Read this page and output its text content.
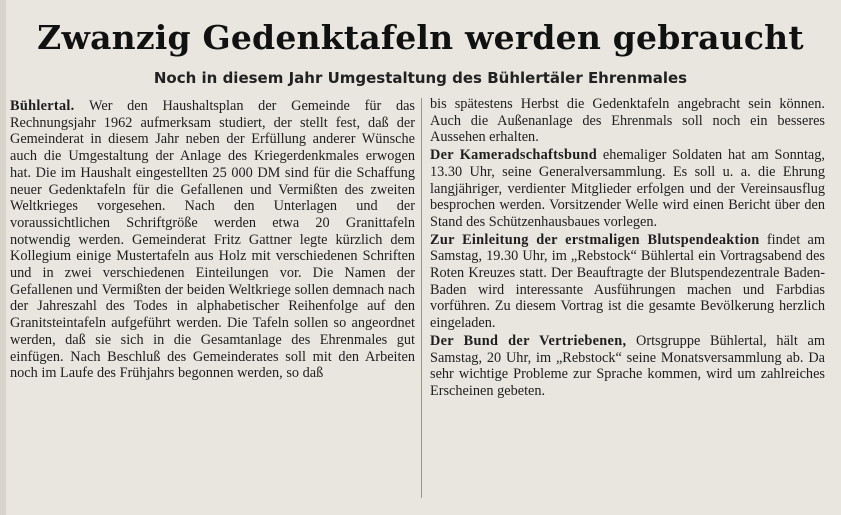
Zwanzig Gedenktafeln werden gebraucht
Noch in diesem Jahr Umgestaltung des Bühlertäler Ehrenmales

Bühlertal. Wer den Haushaltsplan der Gemeinde für das Rechnungsjahr 1962 aufmerksam studiert, der stellt fest, daß der Gemeinderat in diesem Jahr neben der Erfüllung anderer Wünsche auch die Umgestaltung der Anlage des Kriegerdenkmales erwogen hat. Die im Haushalt eingestellten 25 000 DM sind für die Schaffung neuer Gedenktafeln für die Gefallenen und Vermißten des zweiten Weltkrieges vorgesehen. Nach den Unterlagen und der voraussichtlichen Schriftgröße werden etwa 20 Granittafeln notwendig werden. Gemeinderat Fritz Gattner legte kürzlich dem Kollegium einige Mustertafeln aus Holz mit verschiedenen Schriften und in zwei verschiedenen Einteilungen vor. Die Namen der Gefallenen und Vermißten der beiden Weltkriege sollen demnach nach der Jahreszahl des Todes in alphabetischer Reihenfolge auf den Granitsteintafeln aufgeführt werden. Die Tafeln sollen so angeordnet werden, daß sie sich in die Gesamtanlage des Ehrenmales gut einfügen. Nach Beschluß des Gemeinderates soll mit den Arbeiten noch im Laufe des Frühjahrs begonnen werden, so daß

bis spätestens Herbst die Gedenktafeln angebracht sein können. Auch die Außenanlage des Ehrenmals soll noch ein besseres Aussehen erhalten.

Der Kameradschaftsbund ehemaliger Soldaten hat am Sonntag, 13.30 Uhr, seine Generalversammlung. Es soll u. a. die Ehrung langjähriger, verdienter Mitglieder erfolgen und der Vereinsausflug besprochen werden. Vorsitzender Welle wird einen Bericht über den Stand des Schützenhausbaues vorlegen.

Zur Einleitung der erstmaligen Blutspendeaktion findet am Samstag, 19.30 Uhr, im „Rebstock“ Bühlertal ein Vortragsabend des Roten Kreuzes statt. Der Beauftragte der Blutspendezentrale Baden-Baden wird interessante Ausführungen machen und Farbdias vorführen. Zu diesem Vortrag ist die gesamte Bevölkerung herzlich eingeladen.

Der Bund der Vertriebenen, Ortsgruppe Bühlertal, hält am Samstag, 20 Uhr, im „Rebstock“ seine Monatsversammlung ab. Da sehr wichtige Probleme zur Sprache kommen, wird um zahlreiches Erscheinen gebeten.
